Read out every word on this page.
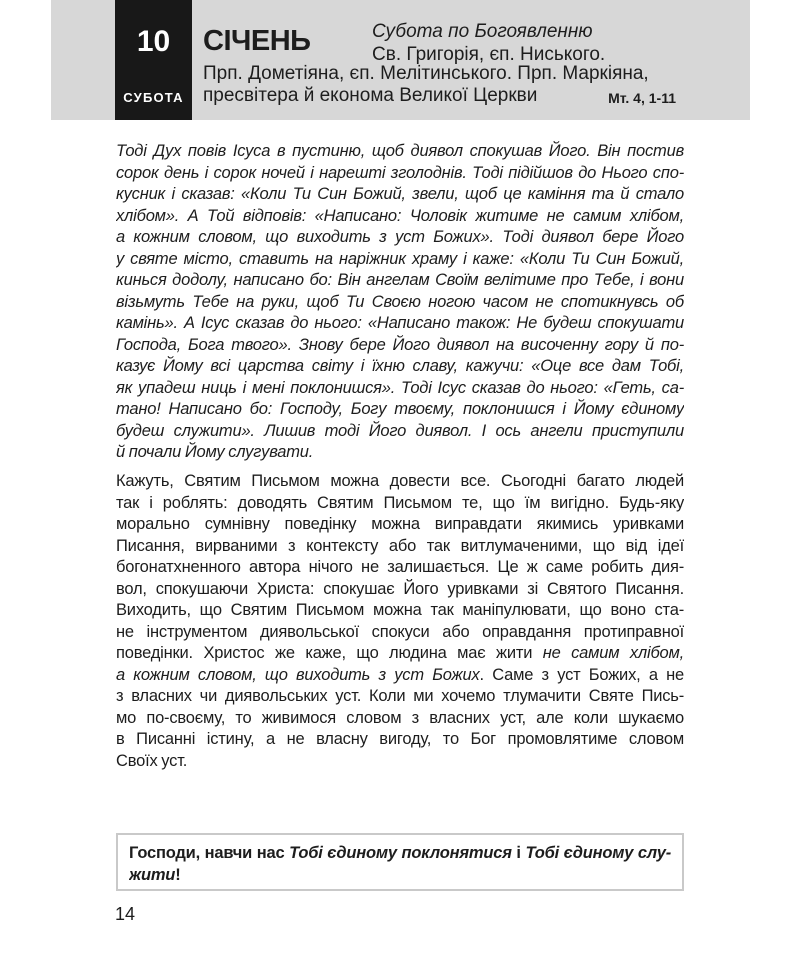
10
СУБОТА
СІЧЕНЬ	Субота по Богоявленню
Св. Григорія, єп. Ниського.
Прп. Дометіяна, єп. Мелітинського. Прп. Маркіяна,
пресвітера й економа Великої Церкви	Мт. 4, 1-11
Тоді Дух повів Ісуса в пустиню, щоб диявол спокушав Його. Він постив
сорок день і сорок ночей і нарешті зголоднів. Тоді підійшов до Нього спо-
кусник і сказав: «Коли Ти Син Божий, звели, щоб це каміння та й стало
хлібом». А Той відповів: «Написано: Чоловік житиме не самим хлібом,
а кожним словом, що виходить з уст Божих». Тоді диявол бере Його
у святе місто, ставить на наріжник храму і каже: «Коли Ти Син Божий,
кинься додолу, написано бо: Він ангелам Своїм велітиме про Тебе, і вони
візьмуть Тебе на руки, щоб Ти Своєю ногою часом не спотикнувсь об
камінь». А Ісус сказав до нього: «Написано також: Не будеш спокушати
Господа, Бога твого». Знову бере Його диявол на височенну гору й по-
казує Йому всі царства світу і їхню славу, кажучи: «Оце все дам Тобі,
як упадеш ниць і мені поклонишся». Тоді Ісус сказав до нього: «Геть, са-
тано! Написано бо: Господу, Богу твоєму, поклонишся і Йому єдиному
будеш служити». Лишив тоді Його диявол. І ось ангели приступили
й почали Йому слугувати.
Кажуть, Святим Письмом можна довести все. Сьогодні багато людей
так і роблять: доводять Святим Письмом те, що їм вигідно. Будь-яку
морально сумнівну поведінку можна виправдати якимись уривками
Писання, вирваними з контексту або так витлумаченими, що від ідеї
богонатхненного автора нічого не залишається. Це ж саме робить дия-
вол, спокушаючи Христа: спокушає Його уривками зі Святого Писання.
Виходить, що Святим Письмом можна так маніпулювати, що воно ста-
не інструментом диявольської спокуси або оправдання протиправної
поведінки. Христос же каже, що людина має жити не самим хлібом,
а кожним словом, що виходить з уст Божих. Саме з уст Божих, а не
з власних чи диявольських уст. Коли ми хочемо тлумачити Святе Пись-
мо по-своєму, то живимося словом з власних уст, але коли шукаємо
в Писанні істину, а не власну вигоду, то Бог промовлятиме словом
Своїх уст.
Господи, навчи нас Тобі єдиному поклонятися і Тобі єдиному слу-
жити!
14
